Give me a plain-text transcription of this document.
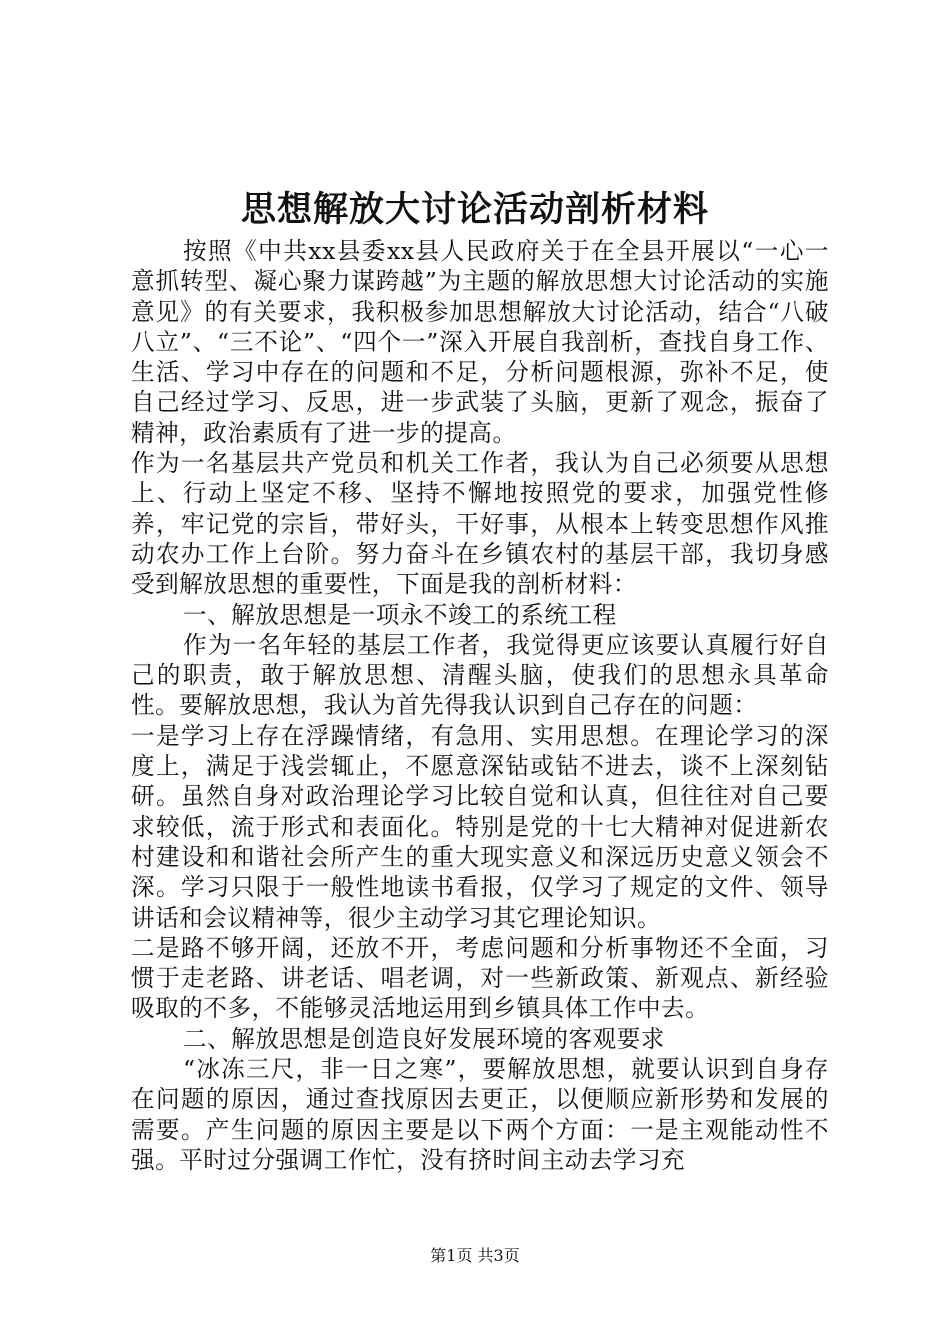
思想解放大讨论活动剖析材料

按照《中共xx县委xx县人民政府关于在全县开展以“一心一意抓转型、凝心聚力谋跨越”为主题的解放思想大讨论活动的实施意见》的有关要求，我积极参加思想解放大讨论活动，结合“八破八立”、“三不论”、“四个一”深入开展自我剖析，查找自身工作、生活、学习中存在的问题和不足，分析问题根源，弥补不足，使自己经过学习、反思，进一步武装了头脑，更新了观念，振奋了精神，政治素质有了进一步的提高。

作为一名基层共产党员和机关工作者，我认为自己必须要从思想上、行动上坚定不移、坚持不懈地按照党的要求，加强党性修养，牢记党的宗旨，带好头，干好事，从根本上转变思想作风推动农办工作上台阶。努力奋斗在乡镇农村的基层干部，我切身感受到解放思想的重要性，下面是我的剖析材料：

一、解放思想是一项永不竣工的系统工程

作为一名年轻的基层工作者，我觉得更应该要认真履行好自己的职责，敢于解放思想、清醒头脑，使我们的思想永具革命性。要解放思想，我认为首先得我认识到自己存在的问题：

一是学习上存在浮躁情绪，有急用、实用思想。在理论学习的深度上，满足于浅尝辄止，不愿意深钻或钻不进去，谈不上深刻钻研。虽然自身对政治理论学习比较自觉和认真，但往往对自己要求较低，流于形式和表面化。特别是党的十七大精神对促进新农村建设和和谐社会所产生的重大现实意义和深远历史意义领会不深。学习只限于一般性地读书看报，仅学习了规定的文件、领导讲话和会议精神等，很少主动学习其它理论知识。

二是路不够开阔，还放不开，考虑问题和分析事物还不全面，习惯于走老路、讲老话、唱老调，对一些新政策、新观点、新经验吸取的不多，不能够灵活地运用到乡镇具体工作中去。

二、解放思想是创造良好发展环境的客观要求

“冰冻三尺，非一日之寒”，要解放思想，就要认识到自身存在问题的原因，通过查找原因去更正，以便顺应新形势和发展的需要。产生问题的原因主要是以下两个方面：一是主观能动性不强。平时过分强调工作忙，没有挤时间主动去学习充

第1页 共3页
